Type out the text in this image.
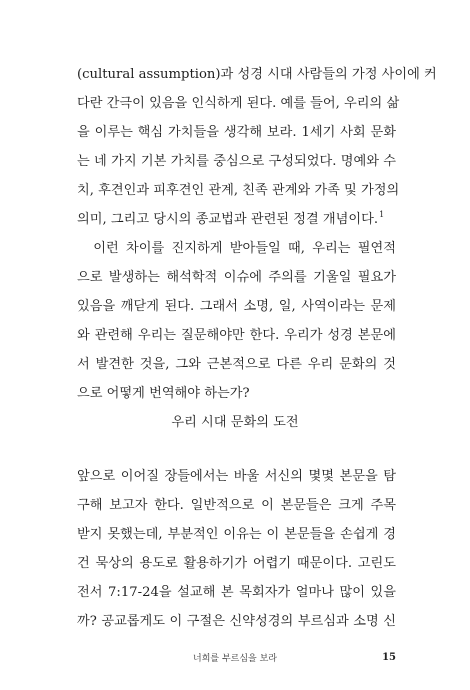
(cultural assumption)과 성경 시대 사람들의 가정 사이에 커
다란 간극이 있음을 인식하게 된다. 예를 들어, 우리의 삶
을 이루는 핵심 가치들을 생각해 보라. 1세기 사회 문화
는 네 가지 기본 가치를 중심으로 구성되었다. 명예와 수
치, 후견인과 피후견인 관계, 친족 관계와 가족 및 가정의
의미, 그리고 당시의 종교법과 관련된 정결 개념이다.$^1$
　이런 차이를 진지하게 받아들일 때, 우리는 필연적
으로 발생하는 해석학적 이슈에 주의를 기울일 필요가
있음을 깨닫게 된다. 그래서 소명, 일, 사역이라는 문제
와 관련해 우리는 질문해야만 한다. 우리가 성경 본문에
서 발견한 것을, 그와 근본적으로 다른 우리 문화의 것
으로 어떻게 번역해야 하는가?
우리 시대 문화의 도전
앞으로 이어질 장들에서는 바울 서신의 몇몇 본문을 탐
구해 보고자 한다. 일반적으로 이 본문들은 크게 주목
받지 못했는데, 부분적인 이유는 이 본문들을 손쉽게 경
건 묵상의 용도로 활용하기가 어렵기 때문이다. 고린도
전서 7:17-24을 설교해 본 목회자가 얼마나 많이 있을
까? 공교롭게도 이 구절은 신약성경의 부르심과 소명 신
너희를 부르심을 보라	15
